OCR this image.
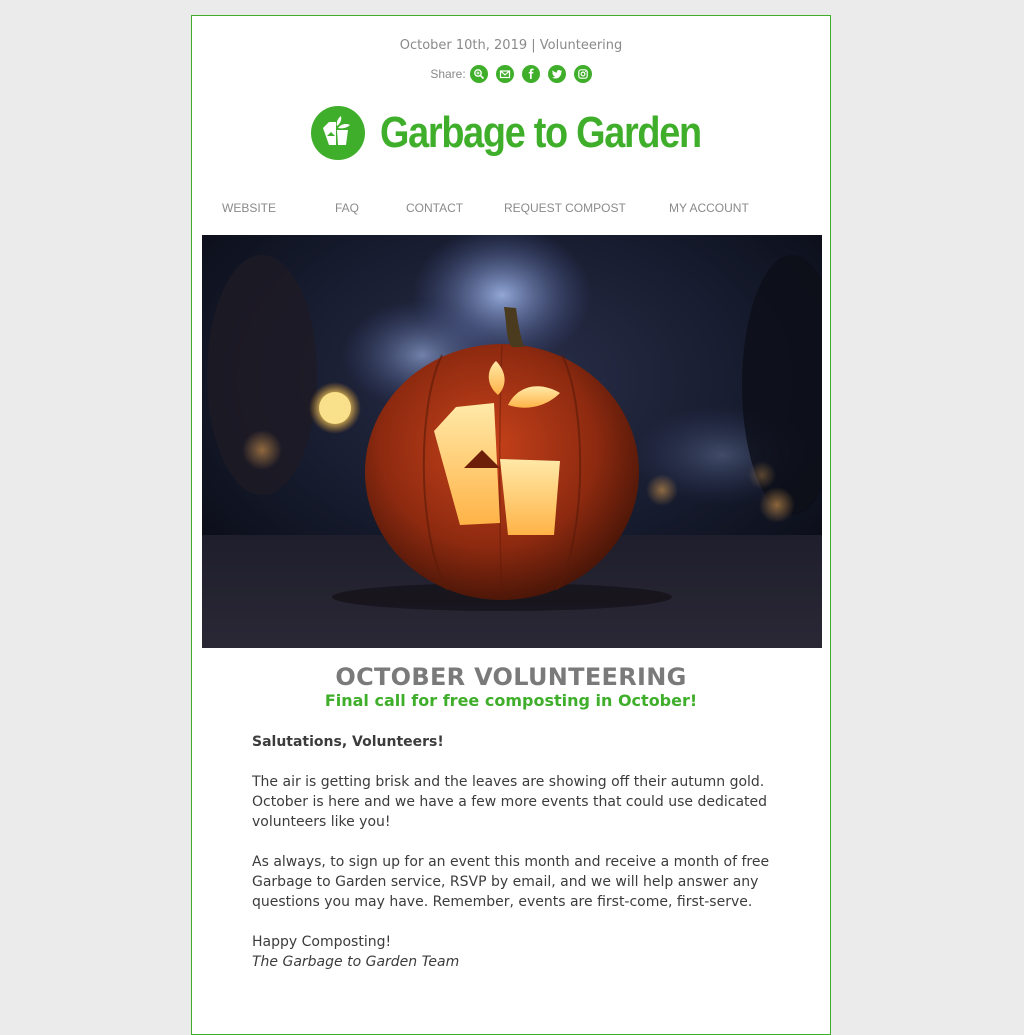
October 10th, 2019 | Volunteering
Share:
Garbage to Garden
WEBSITE	FAQ	CONTACT	REQUEST COMPOST	MY ACCOUNT
OCTOBER VOLUNTEERING
Final call for free composting in October!

Salutations, Volunteers!

The air is getting brisk and the leaves are showing off their autumn gold. October is here and we have a few more events that could use dedicated volunteers like you!

As always, to sign up for an event this month and receive a month of free Garbage to Garden service, RSVP by email, and we will help answer any questions you may have. Remember, events are first-come, first-serve.

Happy Composting!
The Garbage to Garden Team
